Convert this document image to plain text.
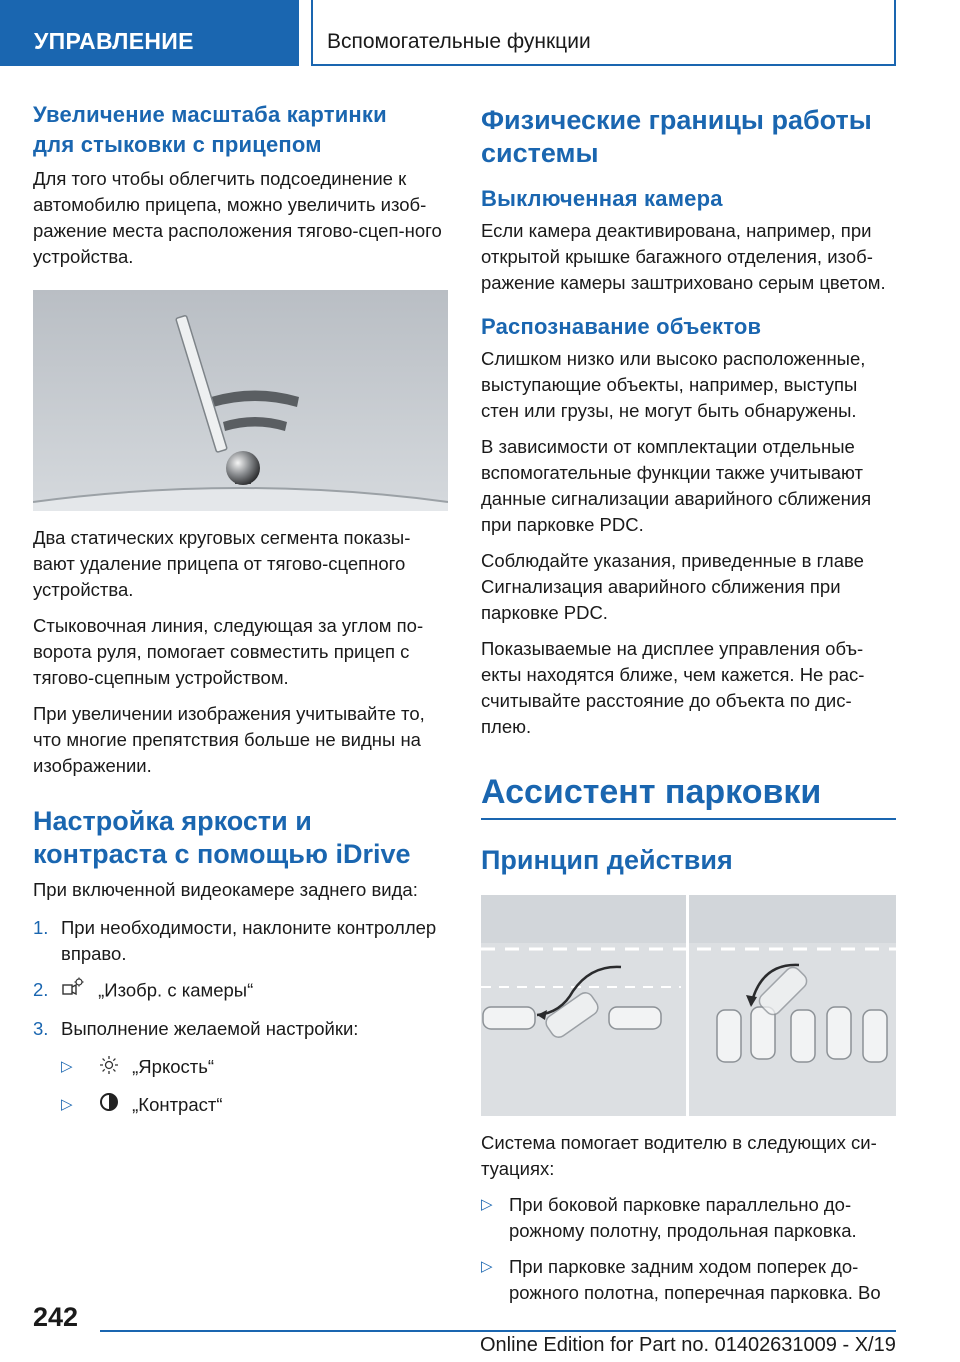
УПРАВЛЕНИЕ	Вспомогательные функции
Увеличение масштаба картинки для стыковки с прицепом

Для того чтобы облегчить подсоединение к автомобилю прицепа, можно увеличить изоб-ражение места расположения тягово-сцеп-ного устройства.

Два статических круговых сегмента показы-вают удаление прицепа от тягово-сцепного устройства.

Стыковочная линия, следующая за углом по-ворота руля, помогает совместить прицеп с тягово-сцепным устройством.

При увеличении изображения учитывайте то, что многие препятствия больше не видны на изображении.

Настройка яркости и контраста с помощью iDrive

При включенной видеокамере заднего вида:

1. При необходимости, наклоните контроллер вправо.
2.	„Изобр. с камеры“
3. Выполнение желаемой настройки:
▷	„Яркость“
▷	„Контраст“
Физические границы работы системы
Выключенная камера

Если камера деактивирована, например, при открытой крышке багажного отделения, изоб-ражение камеры заштриховано серым цветом.

Распознавание объектов

Слишком низко или высоко расположенные, выступающие объекты, например, выступы стен или грузы, не могут быть обнаружены.

В зависимости от комплектации отдельные вспомогательные функции также учитывают данные сигнализации аварийного сближения при парковке PDC.

Соблюдайте указания, приведенные в главе Сигнализация аварийного сближения при парковке PDC.

Показываемые на дисплее управления объ-екты находятся ближе, чем кажется. Не рас-считывайте расстояние до объекта по дис-плею.

Ассистент парковки
Принцип действия

Система помогает водителю в следующих си-туациях:

▷ При боковой парковке параллельно до-рожному полотну, продольная парковка.
▷ При парковке задним ходом поперек до-рожного полотна, поперечная парковка. Во
242
Online Edition for Part no. 01402631009 - X/19
